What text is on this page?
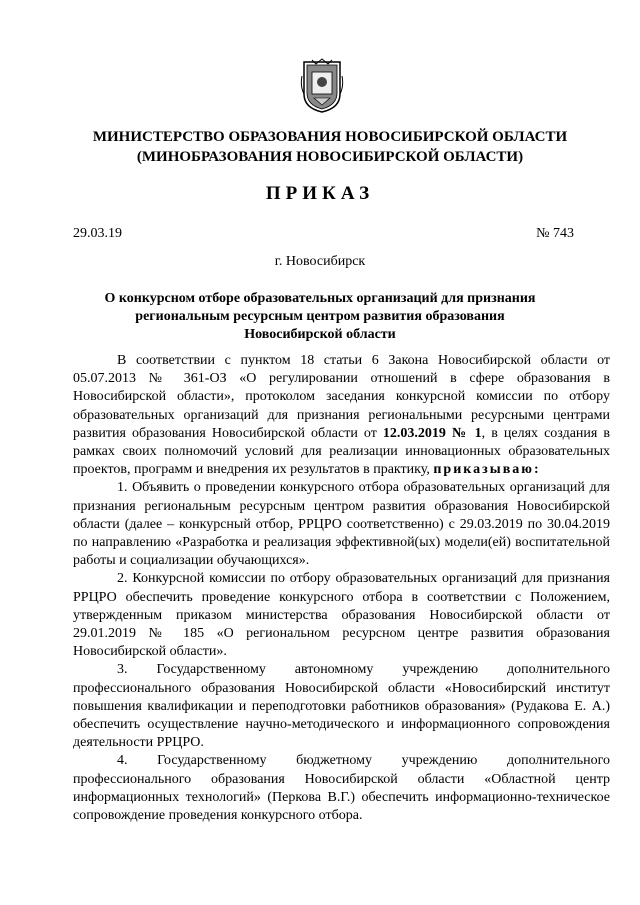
МИНИСТЕРСТВО ОБРАЗОВАНИЯ НОВОСИБИРСКОЙ ОБЛАСТИ
(МИНОБРАЗОВАНИЯ НОВОСИБИРСКОЙ ОБЛАСТИ)
ПРИКАЗ
29.03.19	№ 743
г. Новосибирск
О конкурсном отборе образовательных организаций для признания
региональным ресурсным центром развития образования
Новосибирской области

В соответствии с пунктом 18 статьи 6 Закона Новосибирской области от 05.07.2013 № 361-ОЗ «О регулировании отношений в сфере образования в Новосибирской области», протоколом заседания конкурсной комиссии по отбору образовательных организаций для признания региональными ресурсными центрами развития образования Новосибирской области от 12.03.2019 № 1, в целях создания в рамках своих полномочий условий для реализации инновационных образовательных проектов, программ и внедрения их результатов в практику, приказываю:

1. Объявить о проведении конкурсного отбора образовательных организаций для признания региональным ресурсным центром развития образования Новосибирской области (далее – конкурсный отбор, РРЦРО соответственно) с 29.03.2019 по 30.04.2019 по направлению «Разработка и реализация эффективной(ых) модели(ей) воспитательной работы и социализации обучающихся».

2. Конкурсной комиссии по отбору образовательных организаций для признания РРЦРО обеспечить проведение конкурсного отбора в соответствии с Положением, утвержденным приказом министерства образования Новосибирской области от 29.01.2019 № 185 «О региональном ресурсном центре развития образования Новосибирской области».

3. Государственному автономному учреждению дополнительного профессионального образования Новосибирской области «Новосибирский институт повышения квалификации и переподготовки работников образования» (Рудакова Е. А.) обеспечить осуществление научно-методического и информационного сопровождения деятельности РРЦРО.

4. Государственному бюджетному учреждению дополнительного профессионального образования Новосибирской области «Областной центр информационных технологий» (Перкова В.Г.) обеспечить информационно-техническое сопровождение проведения конкурсного отбора.
